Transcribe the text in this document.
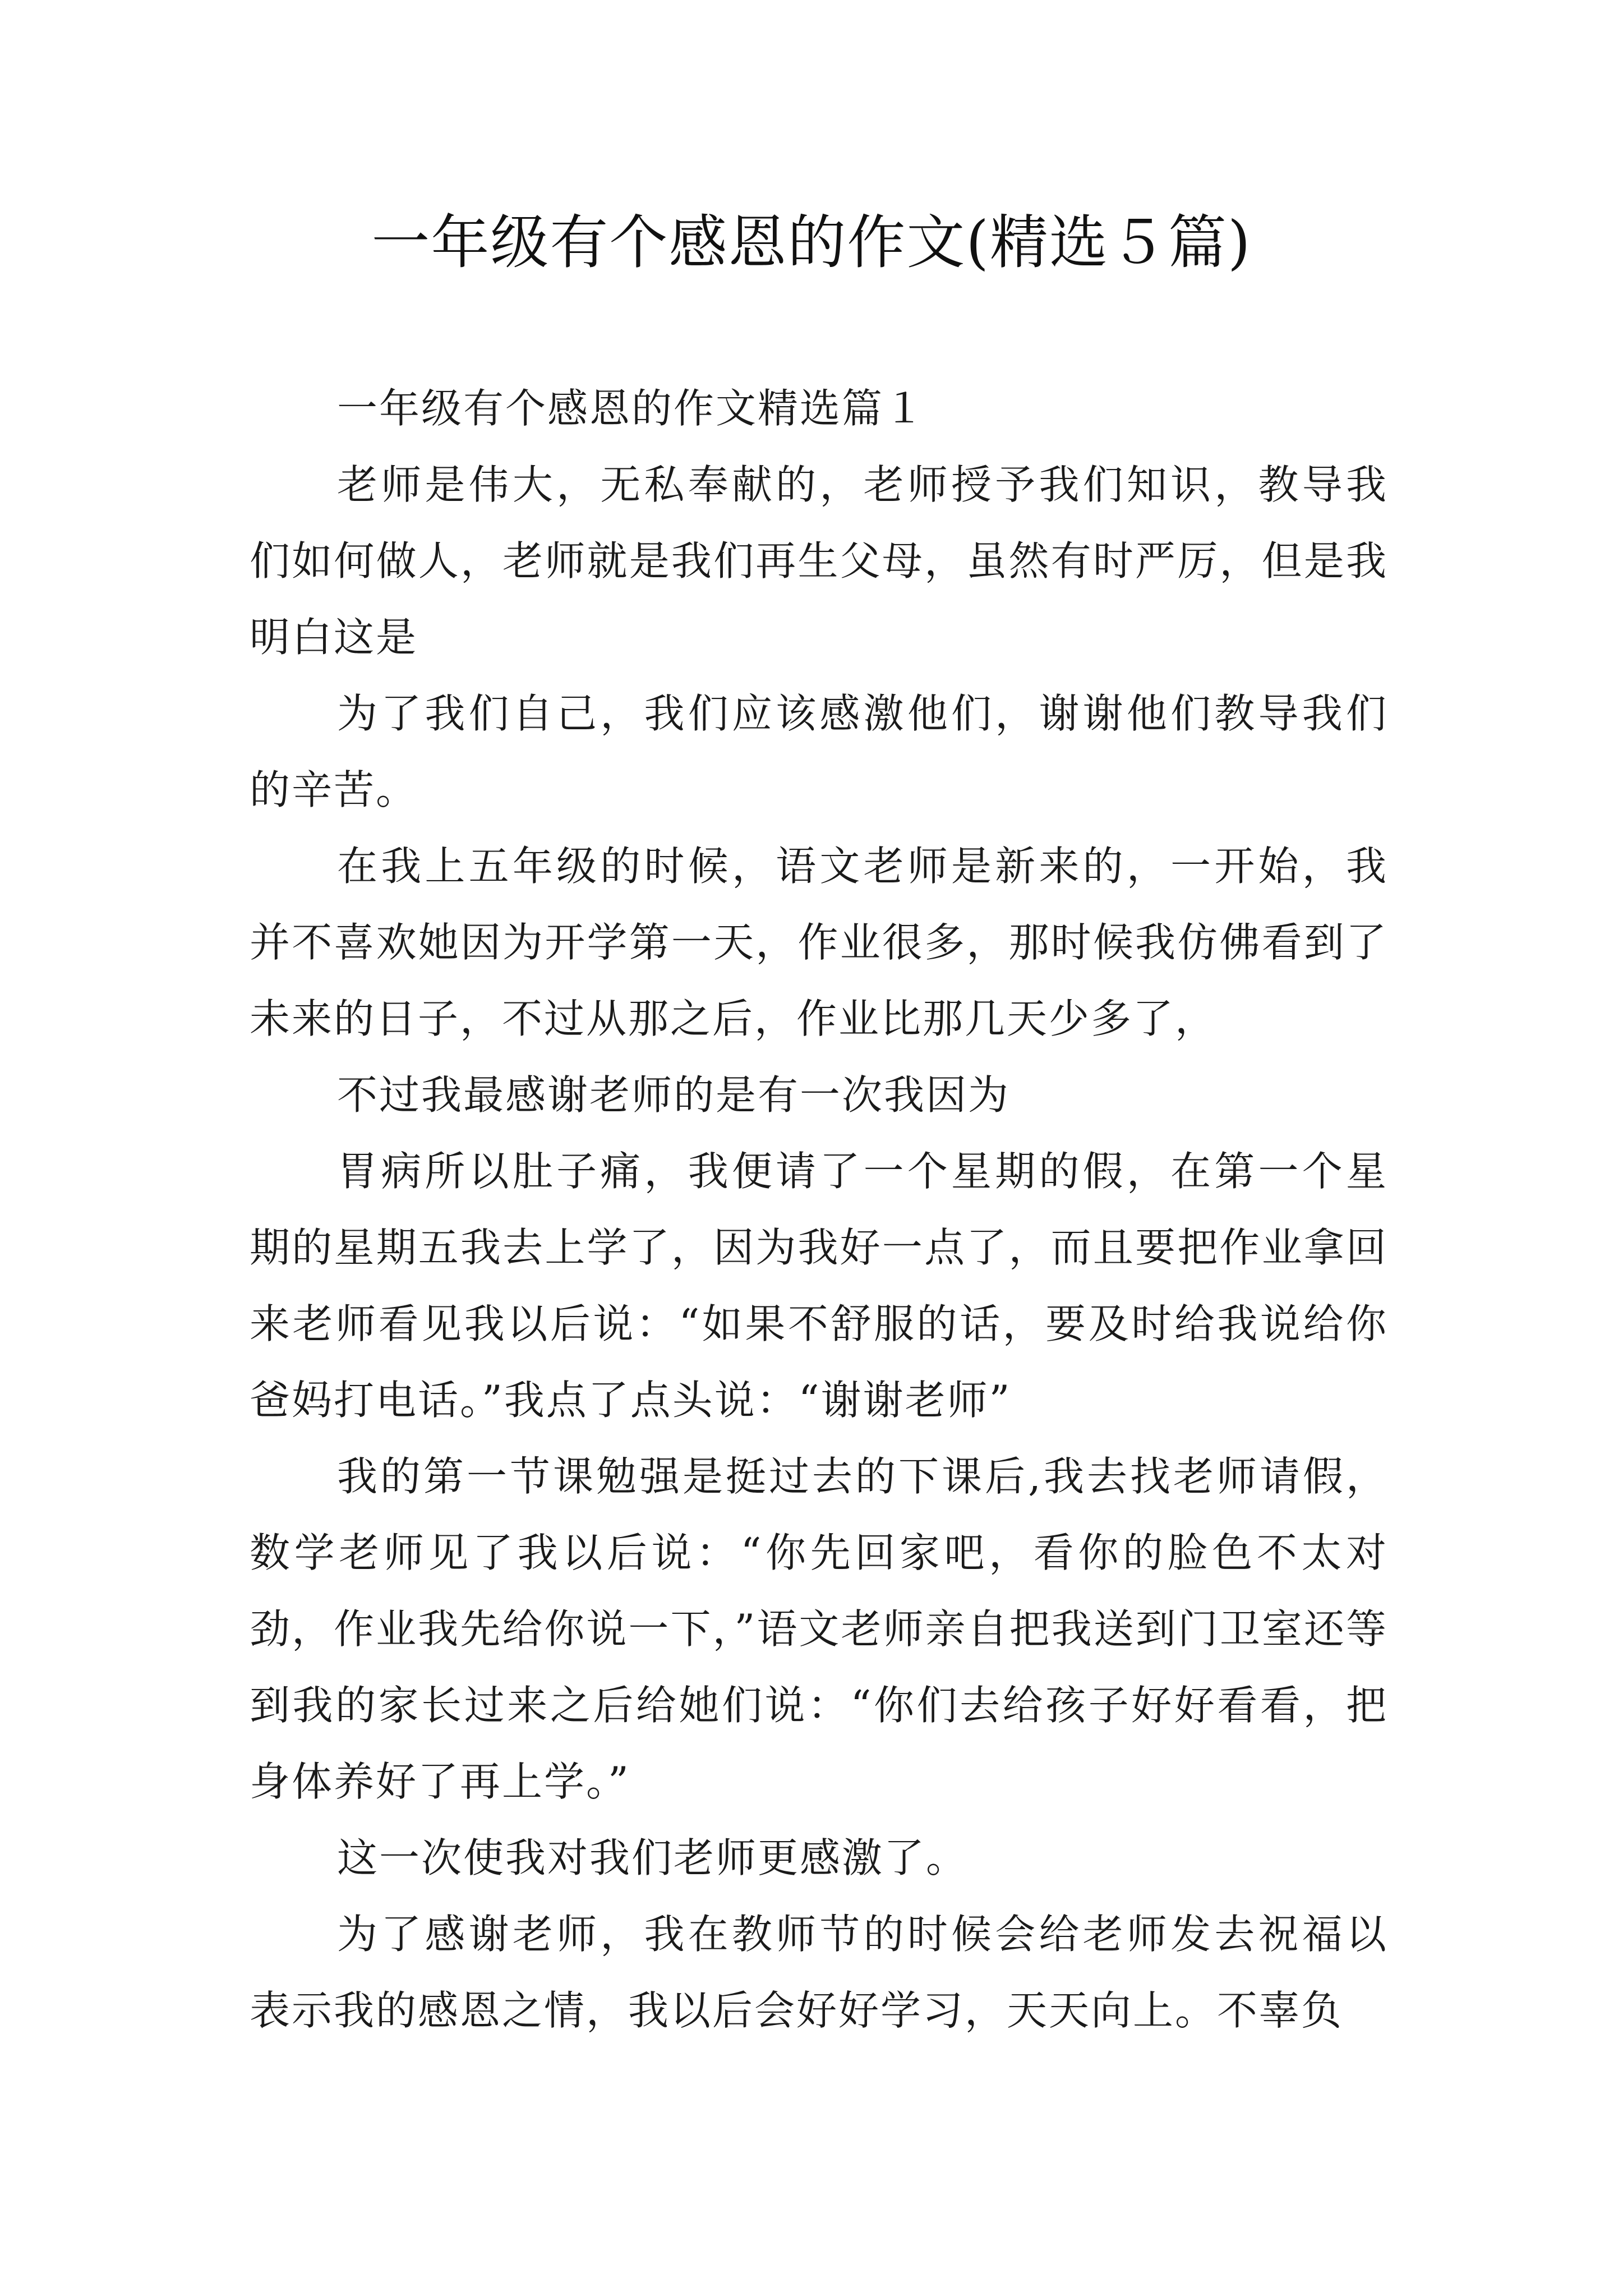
一年级有个感恩的作文(精选５篇)

一年级有个感恩的作文精选篇１

老师是伟大，无私奉献的，老师授予我们知识，教导我们如何做人，老师就是我们再生父母，虽然有时严厉，但是我明白这是

为了我们自己，我们应该感激他们，谢谢他们教导我们的辛苦。

在我上五年级的时候，语文老师是新来的，一开始，我并不喜欢她因为开学第一天，作业很多，那时候我仿佛看到了未来的日子，不过从那之后，作业比那几天少多了，

不过我最感谢老师的是有一次我因为

胃病所以肚子痛，我便请了一个星期的假，在第一个星期的星期五我去上学了，因为我好一点了，而且要把作业拿回来老师看见我以后说：“如果不舒服的话，要及时给我说给你爸妈打电话。”我点了点头说：“谢谢老师”

我的第一节课勉强是挺过去的下课后,我去找老师请假，数学老师见了我以后说：“你先回家吧，看你的脸色不太对劲，作业我先给你说一下，”语文老师亲自把我送到门卫室还等到我的家长过来之后给她们说：“你们去给孩子好好看看，把身体养好了再上学。”

这一次使我对我们老师更感激了。

为了感谢老师，我在教师节的时候会给老师发去祝福以表示我的感恩之情，我以后会好好学习，天天向上。不辜负
